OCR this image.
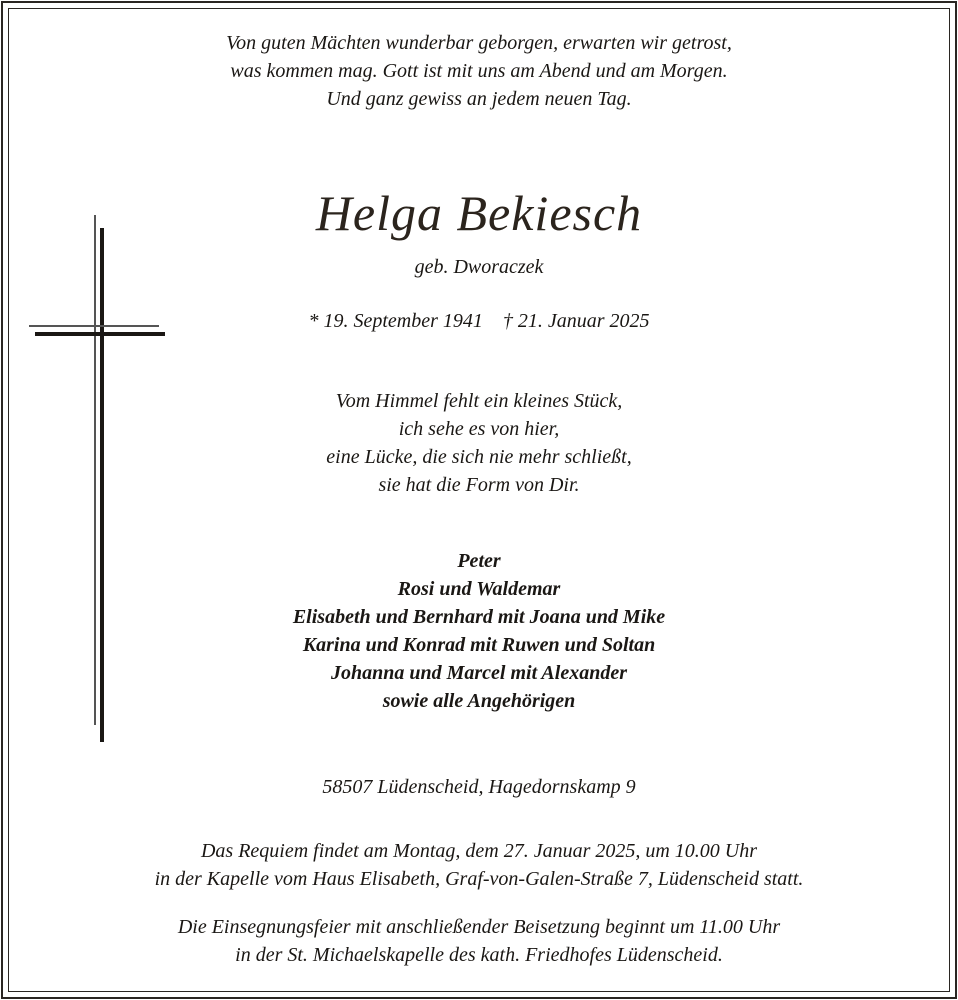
Von guten Mächten wunderbar geborgen, erwarten wir getrost,
was kommen mag. Gott ist mit uns am Abend und am Morgen.
Und ganz gewiss an jedem neuen Tag.
Helga Bekiesch
geb. Dworaczek
* 19. September 1941    † 21. Januar 2025
Vom Himmel fehlt ein kleines Stück,
ich sehe es von hier,
eine Lücke, die sich nie mehr schließt,
sie hat die Form von Dir.
Peter
Rosi und Waldemar
Elisabeth und Bernhard mit Joana und Mike
Karina und Konrad mit Ruwen und Soltan
Johanna und Marcel mit Alexander
sowie alle Angehörigen
58507 Lüdenscheid, Hagedornskamp 9
Das Requiem findet am Montag, dem 27. Januar 2025, um 10.00 Uhr
in der Kapelle vom Haus Elisabeth, Graf-von-Galen-Straße 7, Lüdenscheid statt.
Die Einsegnungsfeier mit anschließender Beisetzung beginnt um 11.00 Uhr
in der St. Michaelskapelle des kath. Friedhofes Lüdenscheid.
